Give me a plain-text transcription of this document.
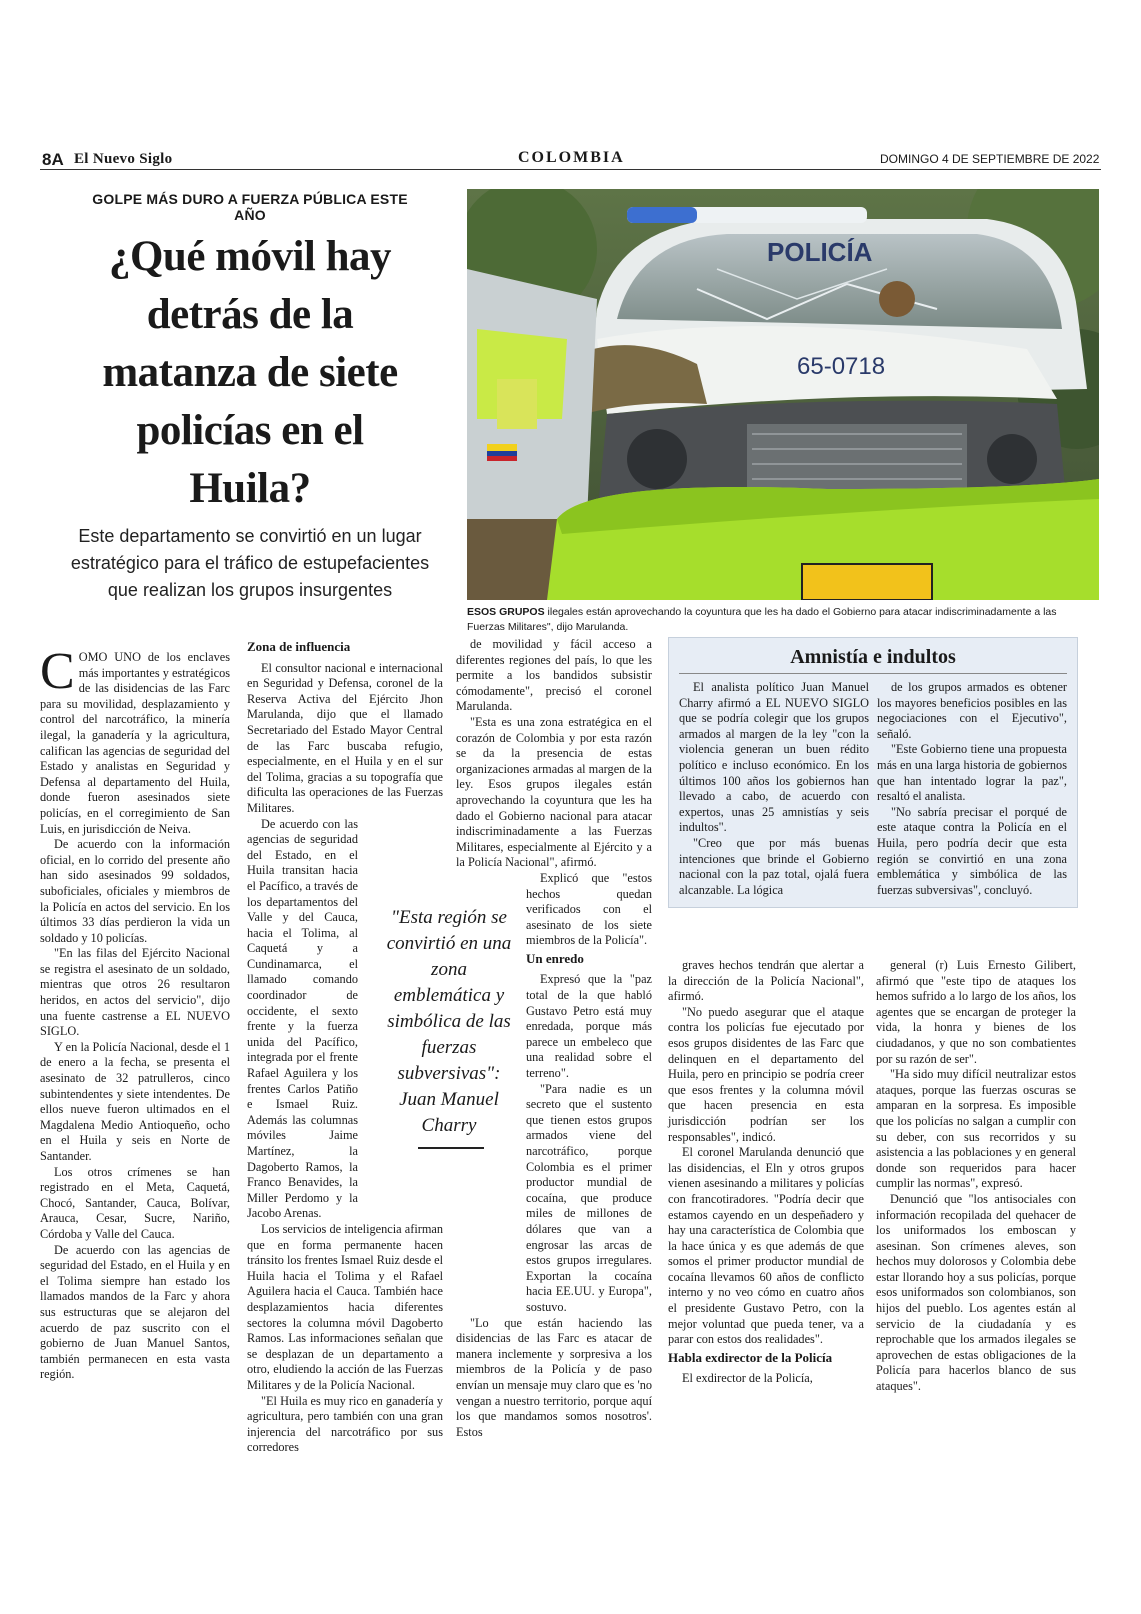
8A El Nuevo Siglo	COLOMBIA	DOMINGO 4 DE SEPTIEMBRE DE 2022
GOLPE MÁS DURO A FUERZA PÚBLICA ESTE AÑO
¿Qué móvil hay detrás de la matanza de siete policías en el Huila?
Este departamento se convirtió en un lugar estratégico para el tráfico de estupefacientes que realizan los grupos insurgentes
POLICÍA
65-0718
ESOS GRUPOS ilegales están aprovechando la coyuntura que les ha dado el Gobierno para atacar indiscriminadamente a las Fuerzas Militares", dijo Marulanda.

COMO UNO de los enclaves más importantes y estratégicos de las disidencias de las Farc para su movilidad, desplazamiento y control del narcotráfico, la minería ilegal, la ganadería y la agricultura, califican las agencias de seguridad del Estado y analistas en Seguridad y Defensa al departamento del Huila, donde fueron asesinados siete policías, en el corregimiento de San Luis, en jurisdicción de Neiva.

De acuerdo con la información oficial, en lo corrido del presente año han sido asesinados 99 soldados, suboficiales, oficiales y miembros de la Policía en actos del servicio. En los últimos 33 días perdieron la vida un soldado y 10 policías.

"En las filas del Ejército Nacional se registra el asesinato de un soldado, mientras que otros 26 resultaron heridos, en actos del servicio", dijo una fuente castrense a EL NUEVO SIGLO.

Y en la Policía Nacional, desde el 1 de enero a la fecha, se presenta el asesinato de 32 patrulleros, cinco subintendentes y siete intendentes. De ellos nueve fueron ultimados en el Magdalena Medio Antioqueño, ocho en el Huila y seis en Norte de Santander.

Los otros crímenes se han registrado en el Meta, Caquetá, Chocó, Santander, Cauca, Bolívar, Arauca, Cesar, Sucre, Nariño, Córdoba y Valle del Cauca.

De acuerdo con las agencias de seguridad del Estado, en el Huila y en el Tolima siempre han estado los llamados mandos de la Farc y ahora sus estructuras que se alejaron del acuerdo de paz suscrito con el gobierno de Juan Manuel Santos, también permanecen en esta vasta región.

Zona de influencia

El consultor nacional e internacional en Seguridad y Defensa, coronel de la Reserva Activa del Ejército Jhon Marulanda, dijo que el llamado Secretariado del Estado Mayor Central de las Farc buscaba refugio, especialmente, en el Huila y en el sur del Tolima, gracias a su topografía que dificulta las operaciones de las Fuerzas Militares.

De acuerdo con las agencias de seguridad del Estado, en el Huila transitan hacia el Pacífico, a través de los departamentos del Valle y del Cauca, hacia el Tolima, al Caquetá y a Cundinamarca, el llamado comando coordinador de occidente, el sexto frente y la fuerza unida del Pacífico, integrada por el frente Rafael Aguilera y los frentes Carlos Patiño e Ismael Ruiz. Además las columnas móviles Jaime Martínez, la Dagoberto Ramos, la Franco Benavides, la Miller Perdomo y la Jacobo Arenas.

Los servicios de inteligencia afirman que en forma permanente hacen tránsito los frentes Ismael Ruiz desde el Huila hacia el Tolima y el Rafael Aguilera hacia el Cauca. También hace desplazamientos hacia diferentes sectores la columna móvil Dagoberto Ramos. Las informaciones señalan que se desplazan de un departamento a otro, eludiendo la acción de las Fuerzas Militares y de la Policía Nacional.

"El Huila es muy rico en ganadería y agricultura, pero también con una gran injerencia del narcotráfico por sus corredores

de movilidad y fácil acceso a diferentes regiones del país, lo que les permite a los bandidos subsistir cómodamente", precisó el coronel Marulanda.

"Esta es una zona estratégica en el corazón de Colombia y por esta razón se da la presencia de estas organizaciones armadas al margen de la ley. Esos grupos ilegales están aprovechando la coyuntura que les ha dado el Gobierno nacional para atacar indiscriminadamente a las Fuerzas Militares, especialmente al Ejército y a la Policía Nacional", afirmó.

Explicó que "estos hechos quedan verificados con el asesinato de los siete miembros de la Policía".

Un enredo

Expresó que la "paz total de la que habló Gustavo Petro está muy enredada, porque más parece un embeleco que una realidad sobre el terreno".

"Para nadie es un secreto que el sustento que tienen estos grupos armados viene del narcotráfico, porque Colombia es el primer productor mundial de cocaína, que produce miles de millones de dólares que van a engrosar las arcas de estos grupos irregulares. Exportan la cocaína hacia EE.UU. y Europa", sostuvo.

"Lo que están haciendo las disidencias de las Farc es atacar de manera inclemente y sorpresiva a los miembros de la Policía y de paso envían un mensaje muy claro que es 'no vengan a nuestro territorio, porque aquí los que mandamos somos nosotros'. Estos

"Esta región se convirtió en una zona emblemática y simbólica de las fuerzas subversivas": Juan Manuel Charry
Amnistía e indultos

El analista político Juan Manuel Charry afirmó a EL NUEVO SIGLO que se podría colegir que los grupos armados al margen de la ley "con la violencia generan un buen rédito político e incluso económico. En los últimos 100 años los gobiernos han llevado a cabo, de acuerdo con expertos, unas 25 amnistías y seis indultos".

"Creo que por más buenas intenciones que brinde el Gobierno nacional con la paz total, ojalá fuera alcanzable. La lógica

de los grupos armados es obtener los mayores beneficios posibles en las negociaciones con el Ejecutivo", señaló.

"Este Gobierno tiene una propuesta más en una larga historia de gobiernos que han intentado lograr la paz", resaltó el analista.

"No sabría precisar el porqué de este ataque contra la Policía en el Huila, pero podría decir que esta región se convirtió en una zona emblemática y simbólica de las fuerzas subversivas", concluyó.

graves hechos tendrán que alertar a la dirección de la Policía Nacional", afirmó.

"No puedo asegurar que el ataque contra los policías fue ejecutado por esos grupos disidentes de las Farc que delinquen en el departamento del Huila, pero en principio se podría creer que esos frentes y la columna móvil que hacen presencia en esta jurisdicción podrían ser los responsables", indicó.

El coronel Marulanda denunció que las disidencias, el Eln y otros grupos vienen asesinando a militares y policías con francotiradores. "Podría decir que estamos cayendo en un despeñadero y hay una característica de Colombia que la hace única y es que además de que somos el primer productor mundial de cocaína llevamos 60 años de conflicto interno y no veo cómo en cuatro años el presidente Gustavo Petro, con la mejor voluntad que pueda tener, va a parar con estos dos realidades".

Habla exdirector de la Policía

El exdirector de la Policía,

general (r) Luis Ernesto Gilibert, afirmó que "este tipo de ataques los hemos sufrido a lo largo de los años, los agentes que se encargan de proteger la vida, la honra y bienes de los ciudadanos, y que no son combatientes por su razón de ser".

"Ha sido muy difícil neutralizar estos ataques, porque las fuerzas oscuras se amparan en la sorpresa. Es imposible que los policías no salgan a cumplir con su deber, con sus recorridos y su asistencia a las poblaciones y en general donde son requeridos para hacer cumplir las normas", expresó.

Denunció que "los antisociales con información recopilada del quehacer de los uniformados los emboscan y asesinan. Son crímenes aleves, son hechos muy dolorosos y Colombia debe estar llorando hoy a sus policías, porque esos uniformados son colombianos, son hijos del pueblo. Los agentes están al servicio de la ciudadanía y es reprochable que los armados ilegales se aprovechen de estas obligaciones de la Policía para hacerlos blanco de sus ataques".
